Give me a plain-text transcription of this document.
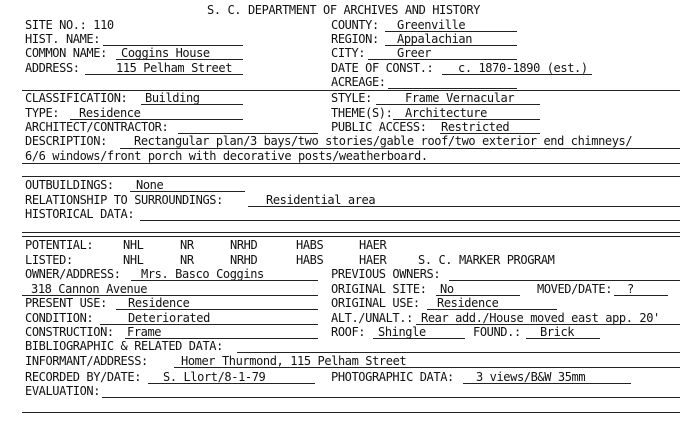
S. C. DEPARTMENT OF ARCHIVES AND HISTORY
SITE NO.: 110	COUNTY: Greenville
HIST. NAME:	REGION: Appalachian
COMMON NAME: Coggins House	CITY:	Greer
ADDRESS:	115 Pelham Street	DATE OF CONST.: c. 1870-1890 (est.)
ACREAGE:
CLASSIFICATION: Building	STYLE:	Frame Vernacular
TYPE: Residence	THEME(S): Architecture
ARCHITECT/CONTRACTOR:	PUBLIC ACCESS: Restricted
DESCRIPTION: Rectangular plan/3 bays/two stories/gable roof/two exterior end chimneys/
6/6 windows/front porch with decorative posts/weatherboard.
OUTBUILDINGS: None
RELATIONSHIP TO SURROUNDINGS:	Residential area
HISTORICAL DATA:
POTENTIAL: NHL	NR	NRHD	HABS	HAER
LISTED:	NHL	NR	NRHD	HABS	HAER	S. C. MARKER PROGRAM
OWNER/ADDRESS: Mrs. Basco Coggins	PREVIOUS OWNERS:
318 Cannon Avenue	ORIGINAL SITE: No	MOVED/DATE: ?
PRESENT USE: Residence	ORIGINAL USE: Residence
CONDITION:	Deteriorated	ALT./UNALT.: Rear add./House moved east app. 20'
CONSTRUCTION: Frame	ROOF: Shingle	FOUND.: Brick
BIBLIOGRAPHIC & RELATED DATA:
INFORMANT/ADDRESS:	Homer Thurmond, 115 Pelham Street
RECORDED BY/DATE: S. Llort/8-1-79	PHOTOGRAPHIC DATA: 3 views/B&W 35mm
EVALUATION:
